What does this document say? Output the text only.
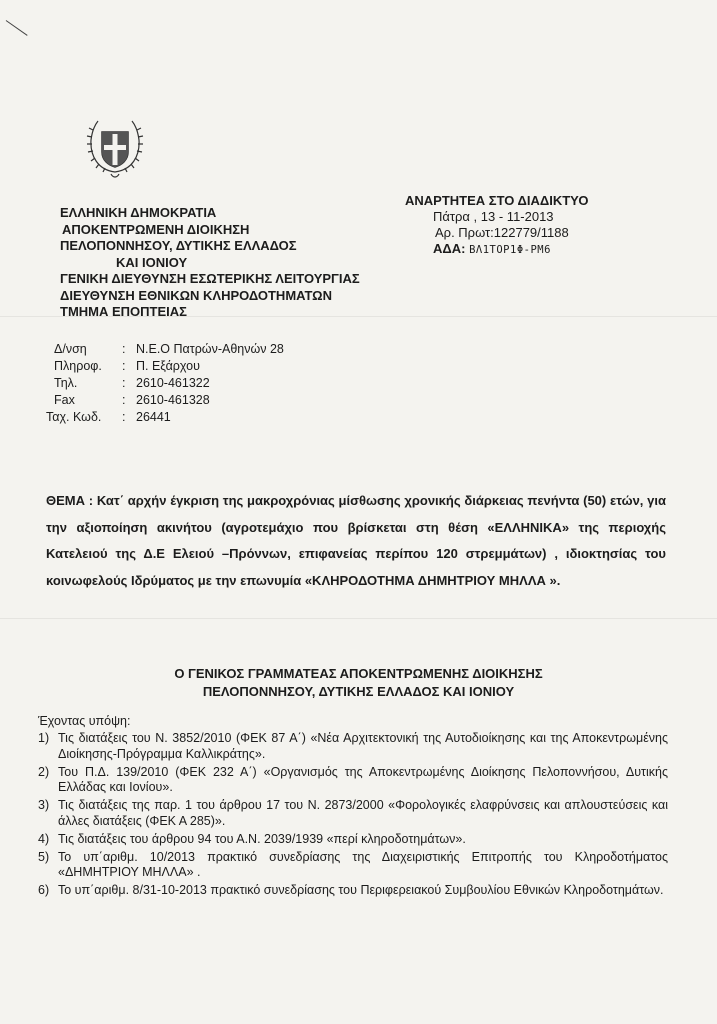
ΕΛΛΗΝΙΚΗ ΔΗΜΟΚΡΑΤΙΑ
ΑΠΟΚΕΝΤΡΩΜΕΝΗ ΔΙΟΙΚΗΣΗ
ΠΕΛΟΠΟΝΝΗΣΟΥ, ΔΥΤΙΚΗΣ ΕΛΛΑΔΟΣ
ΚΑΙ ΙΟΝΙΟΥ
ΓΕΝΙΚΗ ΔΙΕΥΘΥΝΣΗ ΕΣΩΤΕΡΙΚΗΣ ΛΕΙΤΟΥΡΓΙΑΣ
ΔΙΕΥΘΥΝΣΗ ΕΘΝΙΚΩΝ ΚΛΗΡΟΔΟΤΗΜΑΤΩΝ
ΤΜΗΜΑ ΕΠΟΠΤΕΙΑΣ
ΑΝΑΡΤΗΤΕΑ ΣΤΟ ΔΙΑΔΙΚΤΥΟ
Πάτρα , 13 - 11-2013
Αρ. Πρωτ:122779/1188
ΑΔΑ: ΒΛ1ΤΟΡ1Φ-ΡΜ6
Δ/νση	:	Ν.Ε.Ο Πατρών-Αθηνών 28
Πληροφ.	:	Π. Εξάρχου
Τηλ.	:	2610-461322
Fax	:	2610-461328
Ταχ. Κωδ.	:	26441
ΘΕΜΑ : Κατ΄ αρχήν έγκριση της μακροχρόνιας μίσθωσης χρονικής διάρκειας πενήντα (50) ετών, για την αξιοποίηση ακινήτου (αγροτεμάχιο που βρίσκεται στη θέση «ΕΛΛΗΝΙΚΑ» της περιοχής Κατελειού της Δ.Ε Ελειού –Πρόννων, επιφανείας περίπου 120 στρεμμάτων) , ιδιοκτησίας του κοινωφελούς Ιδρύματος με την επωνυμία «ΚΛΗΡΟΔΟΤΗΜΑ ΔΗΜΗΤΡΙΟΥ ΜΗΛΛΑ ».
Ο ΓΕΝΙΚΟΣ ΓΡΑΜΜΑΤΕΑΣ ΑΠΟΚΕΝΤΡΩΜΕΝΗΣ ΔΙΟΙΚΗΣΗΣ
ΠΕΛΟΠΟΝΝΗΣΟΥ, ΔΥΤΙΚΗΣ ΕΛΛΑΔΟΣ ΚΑΙ ΙΟΝΙΟΥ
Έχοντας υπόψη:
1) Τις διατάξεις του Ν. 3852/2010 (ΦΕΚ 87 Α΄) «Νέα Αρχιτεκτονική της Αυτοδιοίκησης και της Αποκεντρωμένης Διοίκησης-Πρόγραμμα Καλλικράτης».
2) Του Π.Δ. 139/2010 (ΦΕΚ 232 Α΄) «Οργανισμός της Αποκεντρωμένης Διοίκησης Πελοποννήσου, Δυτικής Ελλάδας και Ιονίου».
3) Τις διατάξεις της παρ. 1 του άρθρου 17 του Ν. 2873/2000 «Φορολογικές ελαφρύνσεις και απλουστεύσεις και άλλες διατάξεις (ΦΕΚ Α 285)».
4) Τις διατάξεις του άρθρου 94 του Α.Ν. 2039/1939 «περί κληροδοτημάτων».
5) Το υπ΄αριθμ. 10/2013 πρακτικό συνεδρίασης της Διαχειριστικής Επιτροπής του Κληροδοτήματος «ΔΗΜΗΤΡΙΟΥ ΜΗΛΛΑ» .
6) Το υπ΄αριθμ. 8/31-10-2013 πρακτικό συνεδρίασης του Περιφερειακού Συμβουλίου Εθνικών Κληροδοτημάτων.
